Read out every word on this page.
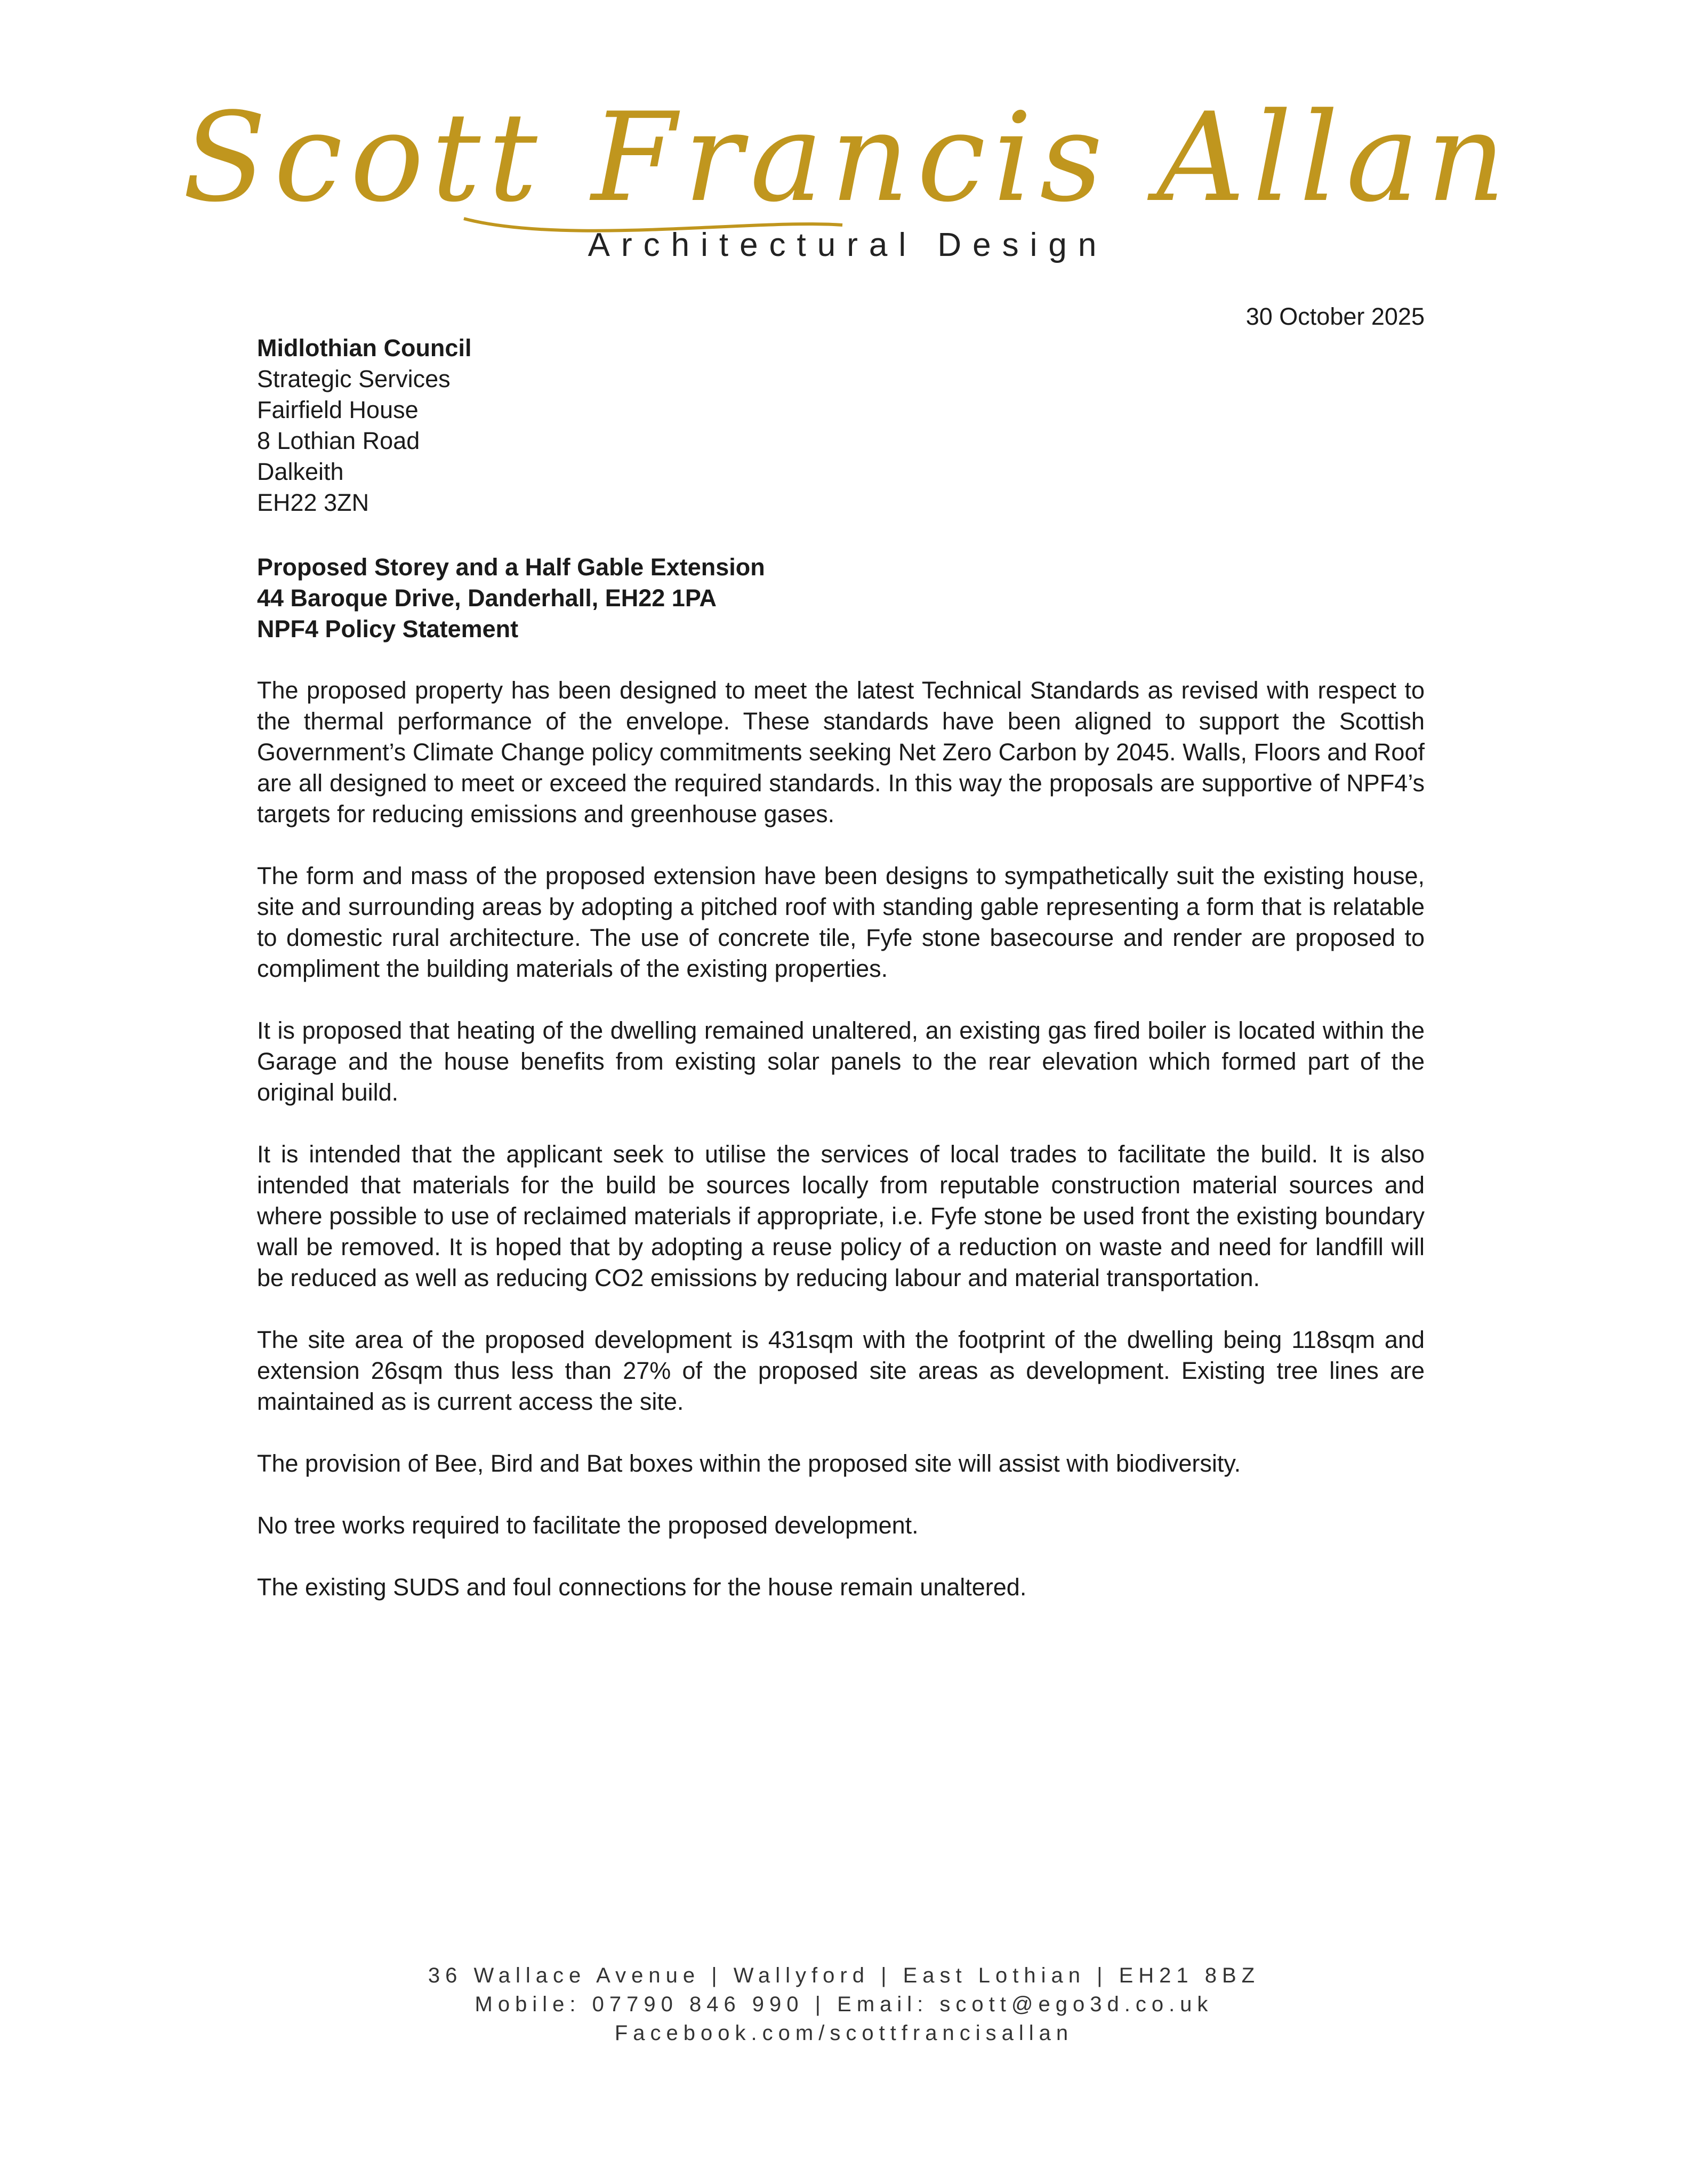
Scott Francis Allan
Architectural Design
30 October 2025
Midlothian Council
Strategic Services
Fairfield House
8 Lothian Road
Dalkeith
EH22 3ZN
Proposed Storey and a Half Gable Extension
44 Baroque Drive, Danderhall, EH22 1PA
NPF4 Policy Statement

The proposed property has been designed to meet the latest Technical Standards as revised with respect to the thermal performance of the envelope. These standards have been aligned to support the Scottish Government’s Climate Change policy commitments seeking Net Zero Carbon by 2045. Walls, Floors and Roof are all designed to meet or exceed the required standards. In this way the proposals are supportive of NPF4’s targets for reducing emissions and greenhouse gases.

The form and mass of the proposed extension have been designs to sympathetically suit the existing house, site and surrounding areas by adopting a pitched roof with standing gable representing a form that is relatable to domestic rural architecture. The use of concrete tile, Fyfe stone basecourse and render are proposed to compliment the building materials of the existing properties.

It is proposed that heating of the dwelling remained unaltered, an existing gas fired boiler is located within the Garage and the house benefits from existing solar panels to the rear elevation which formed part of the original build.

It is intended that the applicant seek to utilise the services of local trades to facilitate the build. It is also intended that materials for the build be sources locally from reputable construction material sources and where possible to use of reclaimed materials if appropriate, i.e. Fyfe stone be used front the existing boundary wall be removed. It is hoped that by adopting a reuse policy of a reduction on waste and need for landfill will be reduced as well as reducing CO2 emissions by reducing labour and material transportation.

The site area of the proposed development is 431sqm with the footprint of the dwelling being 118sqm and extension 26sqm thus less than 27% of the proposed site areas as development. Existing tree lines are maintained as is current access the site.

The provision of Bee, Bird and Bat boxes within the proposed site will assist with biodiversity.

No tree works required to facilitate the proposed development.

The existing SUDS and foul connections for the house remain unaltered.

36 Wallace Avenue | Wallyford | East Lothian | EH21 8BZ
Mobile: 07790 846 990 | Email: scott@ego3d.co.uk
Facebook.com/scottfrancisallan
